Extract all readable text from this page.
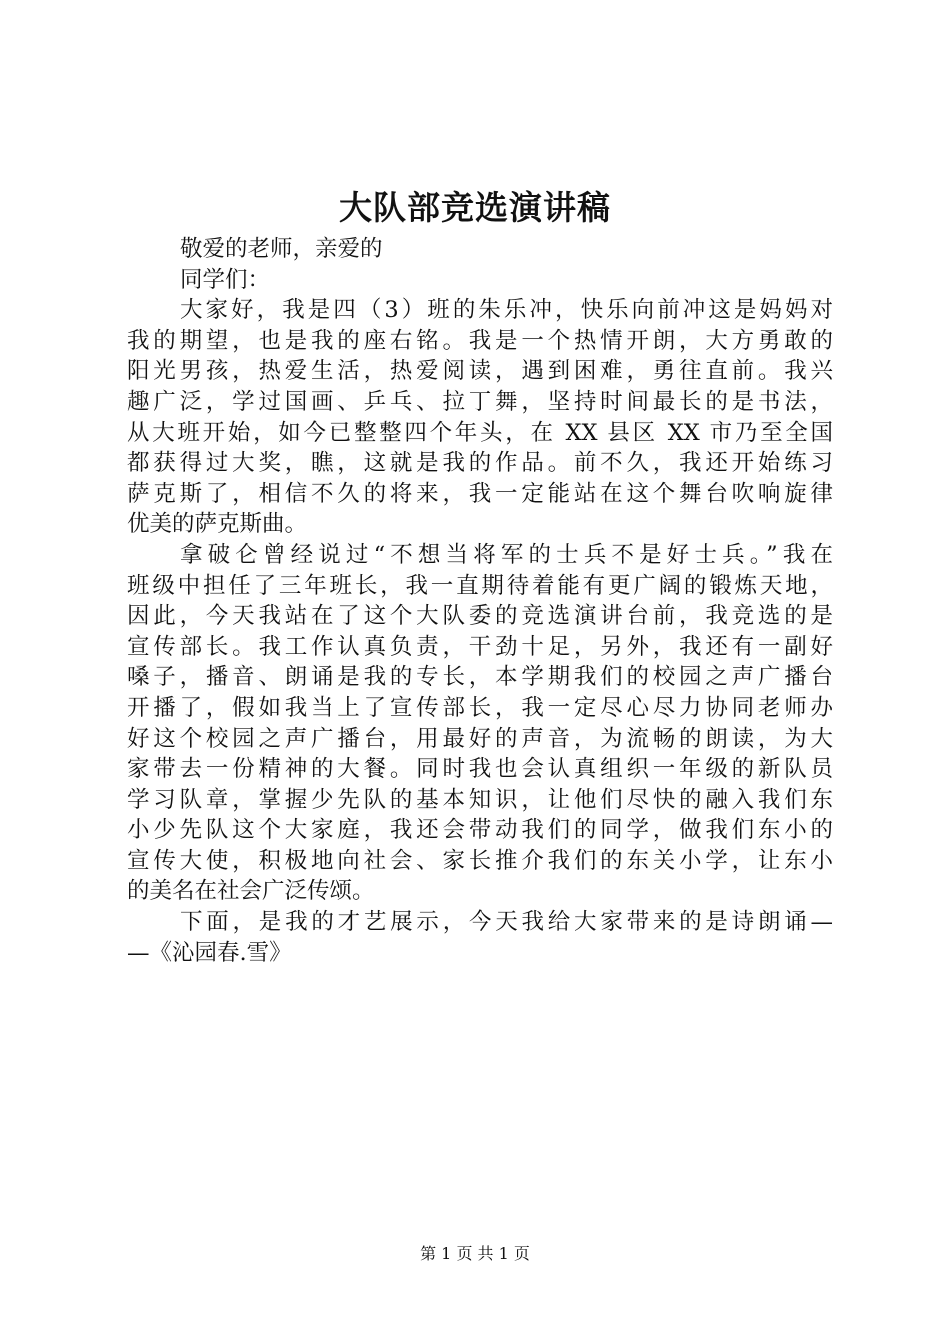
大队部竞选演讲稿
敬爱的老师，亲爱的
同学们：
大家好，我是四（3）班的朱乐冲，快乐向前冲这是妈妈对
我的期望，也是我的座右铭。我是一个热情开朗，大方勇敢的
阳光男孩，热爱生活，热爱阅读，遇到困难，勇往直前。我兴
趣广泛，学过国画、乒乓、拉丁舞，坚持时间最长的是书法，
从大班开始，如今已整整四个年头，在 XX 县区 XX 市乃至全国
都获得过大奖，瞧，这就是我的作品。前不久，我还开始练习
萨克斯了，相信不久的将来，我一定能站在这个舞台吹响旋律
优美的萨克斯曲。
拿破仑曾经说过“不想当将军的士兵不是好士兵。”我在
班级中担任了三年班长，我一直期待着能有更广阔的锻炼天地，
因此，今天我站在了这个大队委的竞选演讲台前，我竞选的是
宣传部长。我工作认真负责，干劲十足，另外，我还有一副好
嗓子，播音、朗诵是我的专长，本学期我们的校园之声广播台
开播了，假如我当上了宣传部长，我一定尽心尽力协同老师办
好这个校园之声广播台，用最好的声音，为流畅的朗读，为大
家带去一份精神的大餐。同时我也会认真组织一年级的新队员
学习队章，掌握少先队的基本知识，让他们尽快的融入我们东
小少先队这个大家庭，我还会带动我们的同学，做我们东小的
宣传大使，积极地向社会、家长推介我们的东关小学，让东小
的美名在社会广泛传颂。
下面，是我的才艺展示，今天我给大家带来的是诗朗诵—
—《沁园春.雪》
第 1 页 共 1 页
